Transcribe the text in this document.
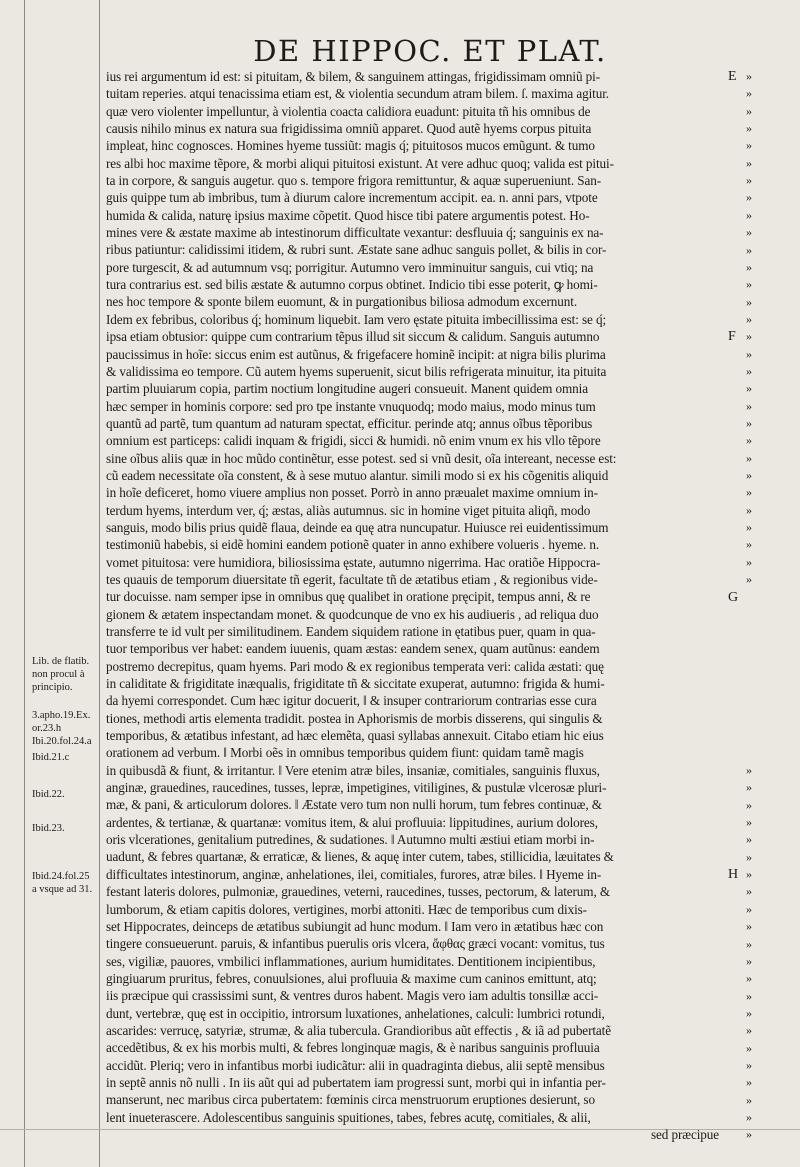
DE HIPPOC. ET PLAT.
ius rei argumentum id est: si pituitam, & bilem, & sanguinem attingas, frigidissimam omniũ pi-
tuitam reperies. atqui tenacissima etiam est, & violentia secundum atram bilem. ſ. maxima agitur.
quæ vero violenter impelluntur, à violentia coacta calidiora euadunt: pituita tñ his omnibus de
causis nihilo minus ex natura sua frigidissima omniũ apparet. Quod autẽ hyems corpus pituita
impleat, hinc cognosces. Homines hyeme tussiũt: magis q́; pituitosos mucos emũgunt. & tumo
res albi hoc maxime tẽpore, & morbi aliqui pituitosi existunt. At vere adhuc quoq; valida est pitui-
ta in corpore, & sanguis augetur. quo s. tempore frigora remittuntur, & aquæ superueniunt. San-
guis quippe tum ab imbribus, tum à diurum calore incrementum accipit. ea. n. anni pars, vtpote
humida & calida, naturę ipsius maxime cõpetit. Quod hisce tibi patere argumentis potest. Ho-
mines vere & æstate maxime ab intestinorum difficultate vexantur: desfluuia q́; sanguinis ex na-
ribus patiuntur: calidissimi itidem, & rubri sunt. Æstate sane adhuc sanguis pollet, & bilis in cor-
pore turgescit, & ad autumnum vsq; porrigitur. Autumno vero imminuitur sanguis, cui vtiq; na
tura contrarius est. sed bilis æstate & autumno corpus obtinet. Indicio tibi esse poterit, ꝙ homi-
nes hoc tempore & sponte bilem euomunt, & in purgationibus biliosa admodum excernunt.
Idem ex febribus, coloribus q́; hominum liquebit. Iam vero ęstate pituita imbecillissima est: se q́;
ipsa etiam obtusior: quippe cum contrarium tẽpus illud sit siccum & calidum. Sanguis autumno
paucissimus in hoĩe: siccus enim est autũnus, & frigefacere hominẽ incipit: at nigra bilis plurima
& validissima eo tempore. Cũ autem hyems superuenit, sicut bilis refrigerata minuitur, ita pituita
partim pluuiarum copia, partim noctium longitudine augeri consueuit. Manent quidem omnia
hæc semper in hominis corpore: sed pro tpe instante vnuquodq; modo maius, modo minus tum
quantũ ad partẽ, tum quantum ad naturam spectat, efficitur. perinde atq; annus oĩbus tẽporibus
omnium est particeps: calidi inquam & frigidi, sicci & humidi. nõ enim vnum ex his vllo tẽpore
sine oĩbus aliis quæ in hoc mũdo continẽtur, esse potest. sed si vnũ desit, oĩa intereant, necesse est:
cũ eadem necessitate oĩa constent, & à sese mutuo alantur. simili modo si ex his cõgenitis aliquid
in hoĩe deficeret, homo viuere amplius non posset. Porrò in anno præualet maxime omnium in-
terdum hyems, interdum ver, q́; æstas, aliàs autumnus. sic in homine viget pituita aliqñ, modo
sanguis, modo bilis prius quidẽ flaua, deinde ea quę atra nuncupatur. Huiusce rei euidentissimum
testimoniũ habebis, si eidẽ homini eandem potionẽ quater in anno exhibere volueris . hyeme. n.
vomet pituitosa: vere humidiora, biliosissima ęstate, autumno nigerrima. Hac oratiõe Hippocra-
tes quauis de temporum diuersitate tñ egerit, facultate tñ de ætatibus etiam , & regionibus vide-
tur docuisse. nam semper ipse in omnibus quę qualibet in oratione pręcipit, tempus anni, & re
gionem & ætatem inspectandam monet. & quodcunque de vno ex his audiueris , ad reliqua duo
transferre te id vult per similitudinem. Eandem siquidem ratione in ętatibus puer, quam in qua-
tuor temporibus ver habet: eandem iuuenis, quam æstas: eandem senex, quam autũnus: eandem
postremo decrepitus, quam hyems. Pari modo & ex regionibus temperata veri: calida æstati: quę
in caliditate & frigiditate inæqualis, frigiditate tñ & siccitate exuperat, autumno: frigida & humi-
da hyemi correspondet. Cum hæc igitur docuerit, ‖ & insuper contrariorum contrarias esse cura
tiones, methodi artis elementa tradidit. postea in Aphorismis de morbis disserens, qui singulis &
temporibus, & ætatibus infestant, ad hæc elemẽta, quasi syllabas annexuit. Citabo etiam hic eius
orationem ad verbum. ‖ Morbi oẽs in omnibus temporibus quidem fiunt: quidam tamẽ magis
in quibusdã & fiunt, & irritantur. ‖ Vere etenim atræ biles, insaniæ, comitiales, sanguinis fluxus,
anginæ, grauedines, raucedines, tusses, lepræ, impetigines, vitiligines, & pustulæ vlcerosæ pluri-
mæ, & pani, & articulorum dolores. ‖ Æstate vero tum non nulli horum, tum febres continuæ, &
ardentes, & tertianæ, & quartanæ: vomitus item, & alui profluuia: lippitudines, aurium dolores,
oris vlcerationes, genitalium putredines, & sudationes. ‖ Autumno multi æstiui etiam morbi in-
uadunt, & febres quartanæ, & erraticæ, & lienes, & aquę inter cutem, tabes, stillicidia, læuitates &
difficultates intestinorum, anginæ, anhelationes, ilei, comitiales, furores, atræ biles. ‖ Hyeme in-
festant lateris dolores, pulmoniæ, grauedines, veterni, raucedines, tusses, pectorum, & laterum, &
lumborum, & etiam capitis dolores, vertigines, morbi attoniti. Hæc de temporibus cum dixis-
set Hippocrates, deinceps de ætatibus subiungit ad hunc modum. ‖ Iam vero in ætatibus hæc con
tingere consueuerunt. paruis, & infantibus puerulis oris vlcera, ἄφθας græci vocant: vomitus, tus
ses, vigiliæ, pauores, vmbilici inflammationes, aurium humiditates. Dentitionem incipientibus,
gingiuarum pruritus, febres, conuulsiones, alui profluuia & maxime cum caninos emittunt, atq;
iis præcipue qui crassissimi sunt, & ventres duros habent. Magis vero iam adultis tonsillæ acci-
dunt, vertebræ, quę est in occipitio, introrsum luxationes, anhelationes, calculi: lumbrici rotundi,
ascarides: verrucę, satyriæ, strumæ, & alia tubercula. Grandioribus aũt effectis , & iã ad pubertatẽ
accedẽtibus, & ex his morbis multi, & febres longinquæ magis, & è naribus sanguinis profluuia
accidũt. Pleriq; vero in infantibus morbi iudicãtur: alii in quadraginta diebus, alii septẽ mensibus
in septẽ annis nõ nulli . In iis aũt qui ad pubertatem iam progressi sunt, morbi qui in infantia per-
manserunt, nec maribus circa pubertatem: fœminis circa menstruorum eruptiones desierunt, so
lent inueterascere. Adolescentibus sanguinis spuitiones, tabes, febres acutę, comitiales, & alii,
sed præcipue
E »
»
»
»
»
»
»
»
»
»
»
»
»
»
»
F »
»
»
»
»
»
»
»
»
»
»
»
»
»
»
G
»
»
»
»
»
»
H »
»
»
»
»
»
»
»
»
»
»
»
»
»
»
»
Lib. de flatib.
non procul à
principio.
3.apho.19.Ex.
or.23.h
Ibi.20.fol.24.a
Ibid.21.c
Ibid.22.
Ibid.23.
Ibid.24.fol.25
a vsque ad 31.
